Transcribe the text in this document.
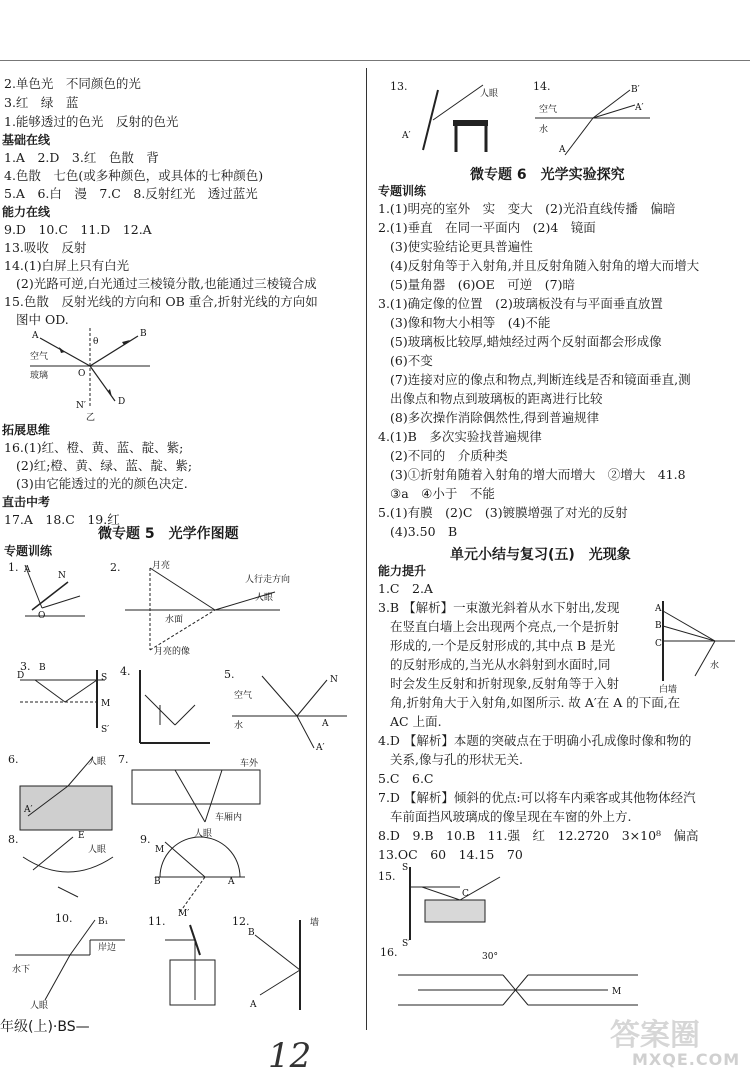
2.单色光　不同颜色的光
3.红　绿　蓝
1.能够透过的色光　反射的色光
基础在线
1.A　2.D　3.红　色散　背
4.色散　七色(或多种颜色，或具体的七种颜色)
5.A　6.白　漫　7.C　8.反射红光　透过蓝光
能力在线
9.D　10.C　11.D　12.A
13.吸收　反射
14.(1)白屏上只有白光
(2)光路可逆,白光通过三棱镜分散,也能通过三棱镜合成
15.色散　反射光线的方向和 OB 重合,折射光线的方向如
图中 OD.
A	B
空气
玻璃	O
θ
N′	D
乙
拓展思维
16.(1)红、橙、黄、蓝、靛、紫;
(2)红;橙、黄、绿、蓝、靛、紫;
(3)由它能透过的光的颜色决定.
直击中考
17.A　18.C　19.红
微专题 5　光学作图题
专题训练
1. A
N
O
2.	月亮
人行走方向
人眼
水面
月亮的像
3.
D
B
S
M
S′
4.	5.
空气
水
N
A
A′
6.	人眼
A′
7.	车外
车厢内
人眼
8.
人眼
E	9.
M
B	A
M′
10.	B₁
岸边
水下
人眼
11.	12.	墙
B
A
年级(上)·BS—
12
13.
人眼
A′
14.
空气
水
B′
A′
A
微专题 6　光学实验探究
专题训练
1.(1)明亮的室外　实　变大　(2)光沿直线传播　偏暗
2.(1)垂直　在同一平面内　(2)4　镜面
(3)使实验结论更具普遍性
(4)反射角等于入射角,并且反射角随入射角的增大而增大
(5)量角器　(6)OE　可逆　(7)暗
3.(1)确定像的位置　(2)玻璃板没有与平面垂直放置
(3)像和物大小相等　(4)不能
(5)玻璃板比较厚,蜡烛经过两个反射面都会形成像
(6)不变
(7)连接对应的像点和物点,判断连线是否和镜面垂直,测
出像点和物点到玻璃板的距离进行比较
(8)多次操作消除偶然性,得到普遍规律
4.(1)B　多次实验找普遍规律
(2)不同的　介质种类
(3)①折射角随着入射角的增大而增大　②增大　41.8
③a　④小于　不能
5.(1)有膜　(2)C　(3)镀膜增强了对光的反射
(4)3.50　B
单元小结与复习(五)　光现象
能力提升
1.C　2.A
3.B 【解析】一束激光斜着从水下射出,发现
在竖直白墙上会出现两个亮点,一个是折射
形成的,一个是反射形成的,其中点 B 是光
的反射形成的,当光从水斜射到水面时,同
时会发生反射和折射现象,反射角等于入射
角,折射角大于入射角,如图所示. 故 A′在 A 的下面,在
AC 上面.
4.D 【解析】本题的突破点在于明确小孔成像时像和物的
关系,像与孔的形状无关.
5.C　6.C
7.D 【解析】倾斜的优点:可以将车内乘客或其他物体经汽
车前面挡风玻璃成的像呈现在车窗的外上方.
8.D　9.B　10.B　11.强　红　12.2720　3×10⁸　偏高
13.OC　60　14.15　70
A
B
C
白墙
水
15.
S
C
S′
16.	30°
M
答案圈
MXQE.COM
